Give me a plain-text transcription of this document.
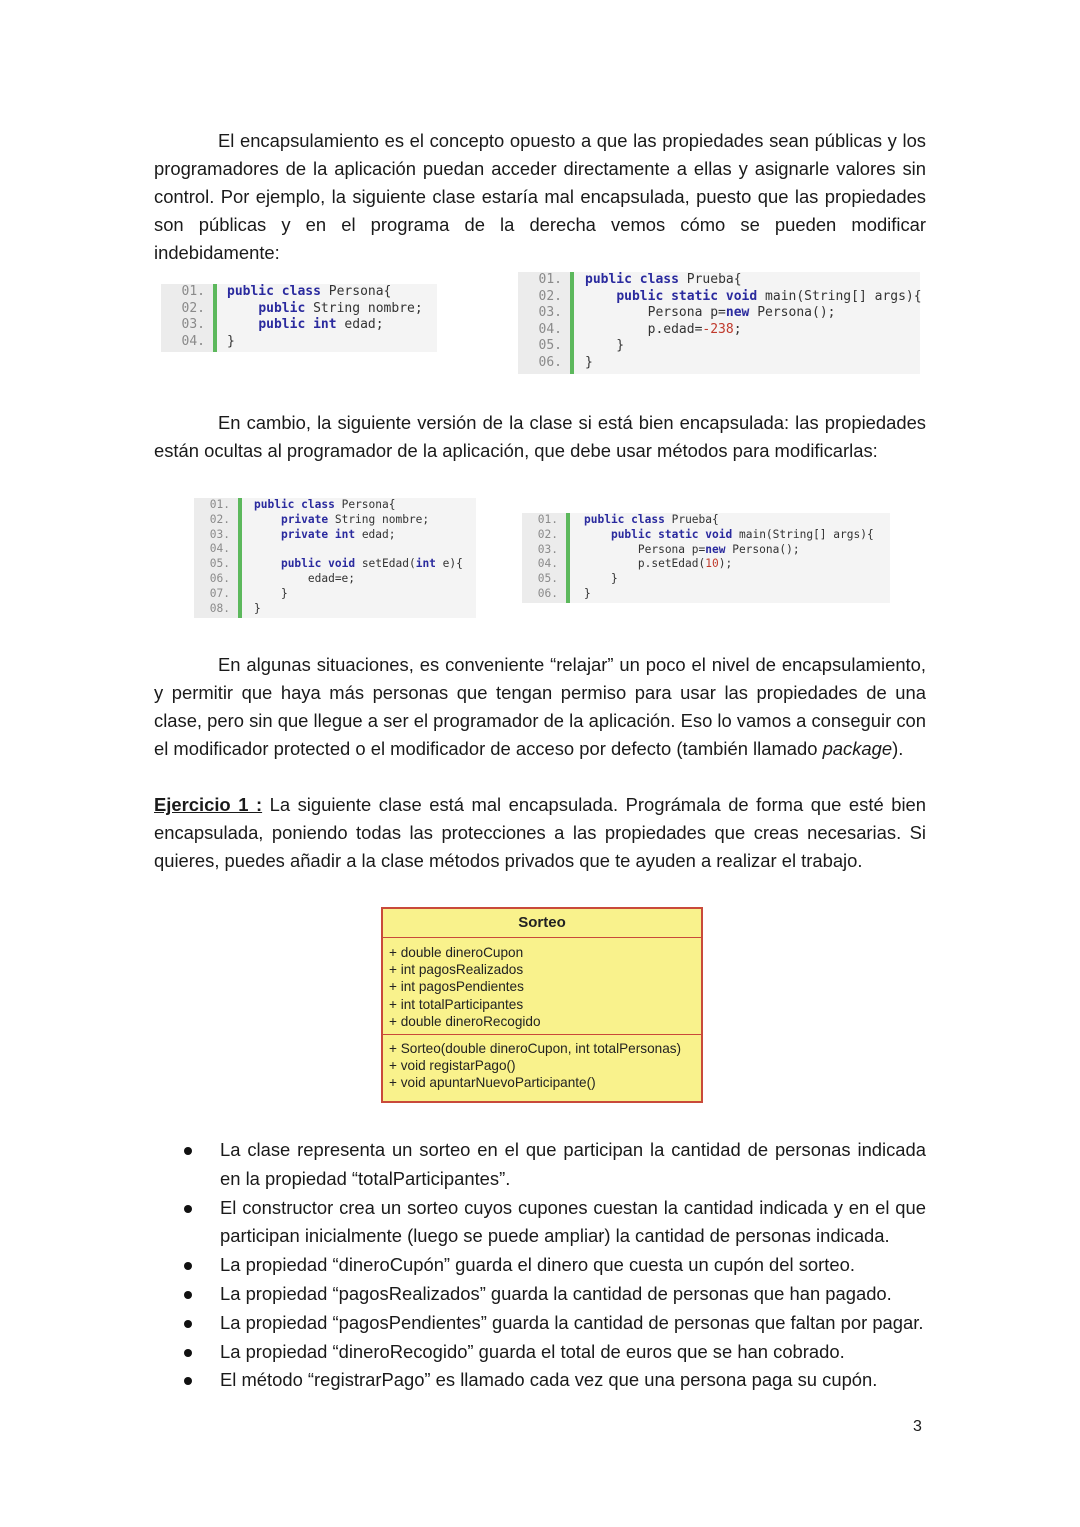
El encapsulamiento es el concepto opuesto a que las propiedades sean públicas y los programadores de la aplicación puedan acceder directamente a ellas y asignarle valores sin control. Por ejemplo, la siguiente clase estaría mal encapsulada, puesto que las propiedades son públicas y en el programa de la derecha vemos cómo se pueden modificar indebidamente:

01.
02.
03.
04.

public class Persona{
public String nombre;
public int edad;
}

01.
02.
03.
04.
05.
06.

public class Prueba{
public static void main(String[] args){
Persona p=new Persona();
p.edad=-238;
}
}

En cambio, la siguiente versión de la clase si está bien encapsulada: las propiedades están ocultas al programador de la aplicación, que debe usar métodos para modificarlas:

01.
02.
03.
04.
05.
06.
07.
08.

public class Persona{
private String nombre;
private int edad;

public void setEdad(int e){
edad=e;
}
}

01.
02.
03.
04.
05.
06.

public class Prueba{
public static void main(String[] args){
Persona p=new Persona();
p.setEdad(10);
}
}

En algunas situaciones, es conveniente “relajar” un poco el nivel de encapsulamiento, y permitir que haya más personas que tengan permiso para usar las propiedades de una clase, pero sin que llegue a ser el programador de la aplicación. Eso lo vamos a conseguir con el modificador protected o el modificador de acceso por defecto (también llamado package).

Ejercicio 1 : La siguiente clase está mal encapsulada. Prográmala de forma que esté bien encapsulada, poniendo todas las protecciones a las propiedades que creas necesarias. Si quieres, puedes añadir a la clase métodos privados que te ayuden a realizar el trabajo.

Sorteo
+ double dineroCupon
+ int pagosRealizados
+ int pagosPendientes
+ int totalParticipantes
+ double dineroRecogido
+ Sorteo(double dineroCupon, int totalPersonas)
+ void registarPago()
+ void apuntarNuevoParticipante()
La clase representa un sorteo en el que participan la cantidad de personas indicada en la propiedad “totalParticipantes”.
El constructor crea un sorteo cuyos cupones cuestan la cantidad indicada y en el que participan inicialmente (luego se puede ampliar) la cantidad de personas indicada.
La propiedad “dineroCupón” guarda el dinero que cuesta un cupón del sorteo.
La propiedad “pagosRealizados” guarda la cantidad de personas que han pagado.
La propiedad “pagosPendientes” guarda la cantidad de personas que faltan por pagar.
La propiedad “dineroRecogido” guarda el total de euros que se han cobrado.
El método “registrarPago” es llamado cada vez que una persona paga su cupón.
3
